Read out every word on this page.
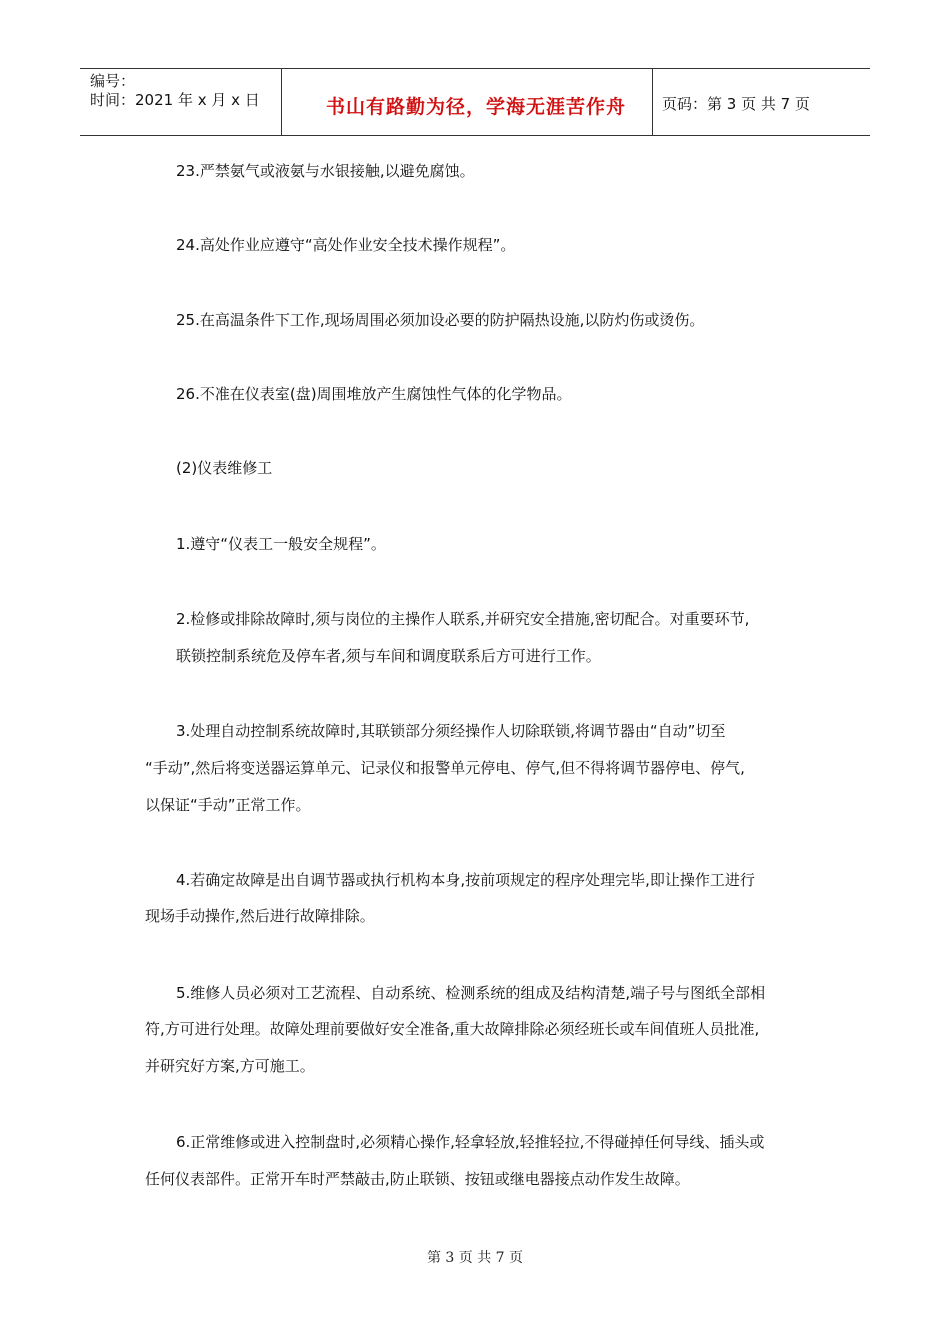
编号：
时间：2021 年 x 月 x 日	书山有路勤为径，学海无涯苦作舟	页码：第 3 页 共 7 页
23.严禁氨气或液氨与水银接触,以避免腐蚀。
24.高处作业应遵守“高处作业安全技术操作规程”。
25.在高温条件下工作,现场周围必须加设必要的防护隔热设施,以防灼伤或烫伤。
26.不准在仪表室(盘)周围堆放产生腐蚀性气体的化学物品。
(2)仪表维修工
1.遵守“仪表工一般安全规程”。
2.检修或排除故障时,须与岗位的主操作人联系,并研究安全措施,密切配合。对重要环节,
联锁控制系统危及停车者,须与车间和调度联系后方可进行工作。
3.处理自动控制系统故障时,其联锁部分须经操作人切除联锁,将调节器由“自动”切至
“手动”,然后将变送器运算单元、记录仪和报警单元停电、停气,但不得将调节器停电、停气,
以保证“手动”正常工作。
4.若确定故障是出自调节器或执行机构本身,按前项规定的程序处理完毕,即让操作工进行
现场手动操作,然后进行故障排除。
5.维修人员必须对工艺流程、自动系统、检测系统的组成及结构清楚,端子号与图纸全部相
符,方可进行处理。故障处理前要做好安全准备,重大故障排除必须经班长或车间值班人员批准,
并研究好方案,方可施工。
6.正常维修或进入控制盘时,必须精心操作,轻拿轻放,轻推轻拉,不得碰掉任何导线、插头或
任何仪表部件。正常开车时严禁敲击,防止联锁、按钮或继电器接点动作发生故障。
第 3 页 共 7 页
